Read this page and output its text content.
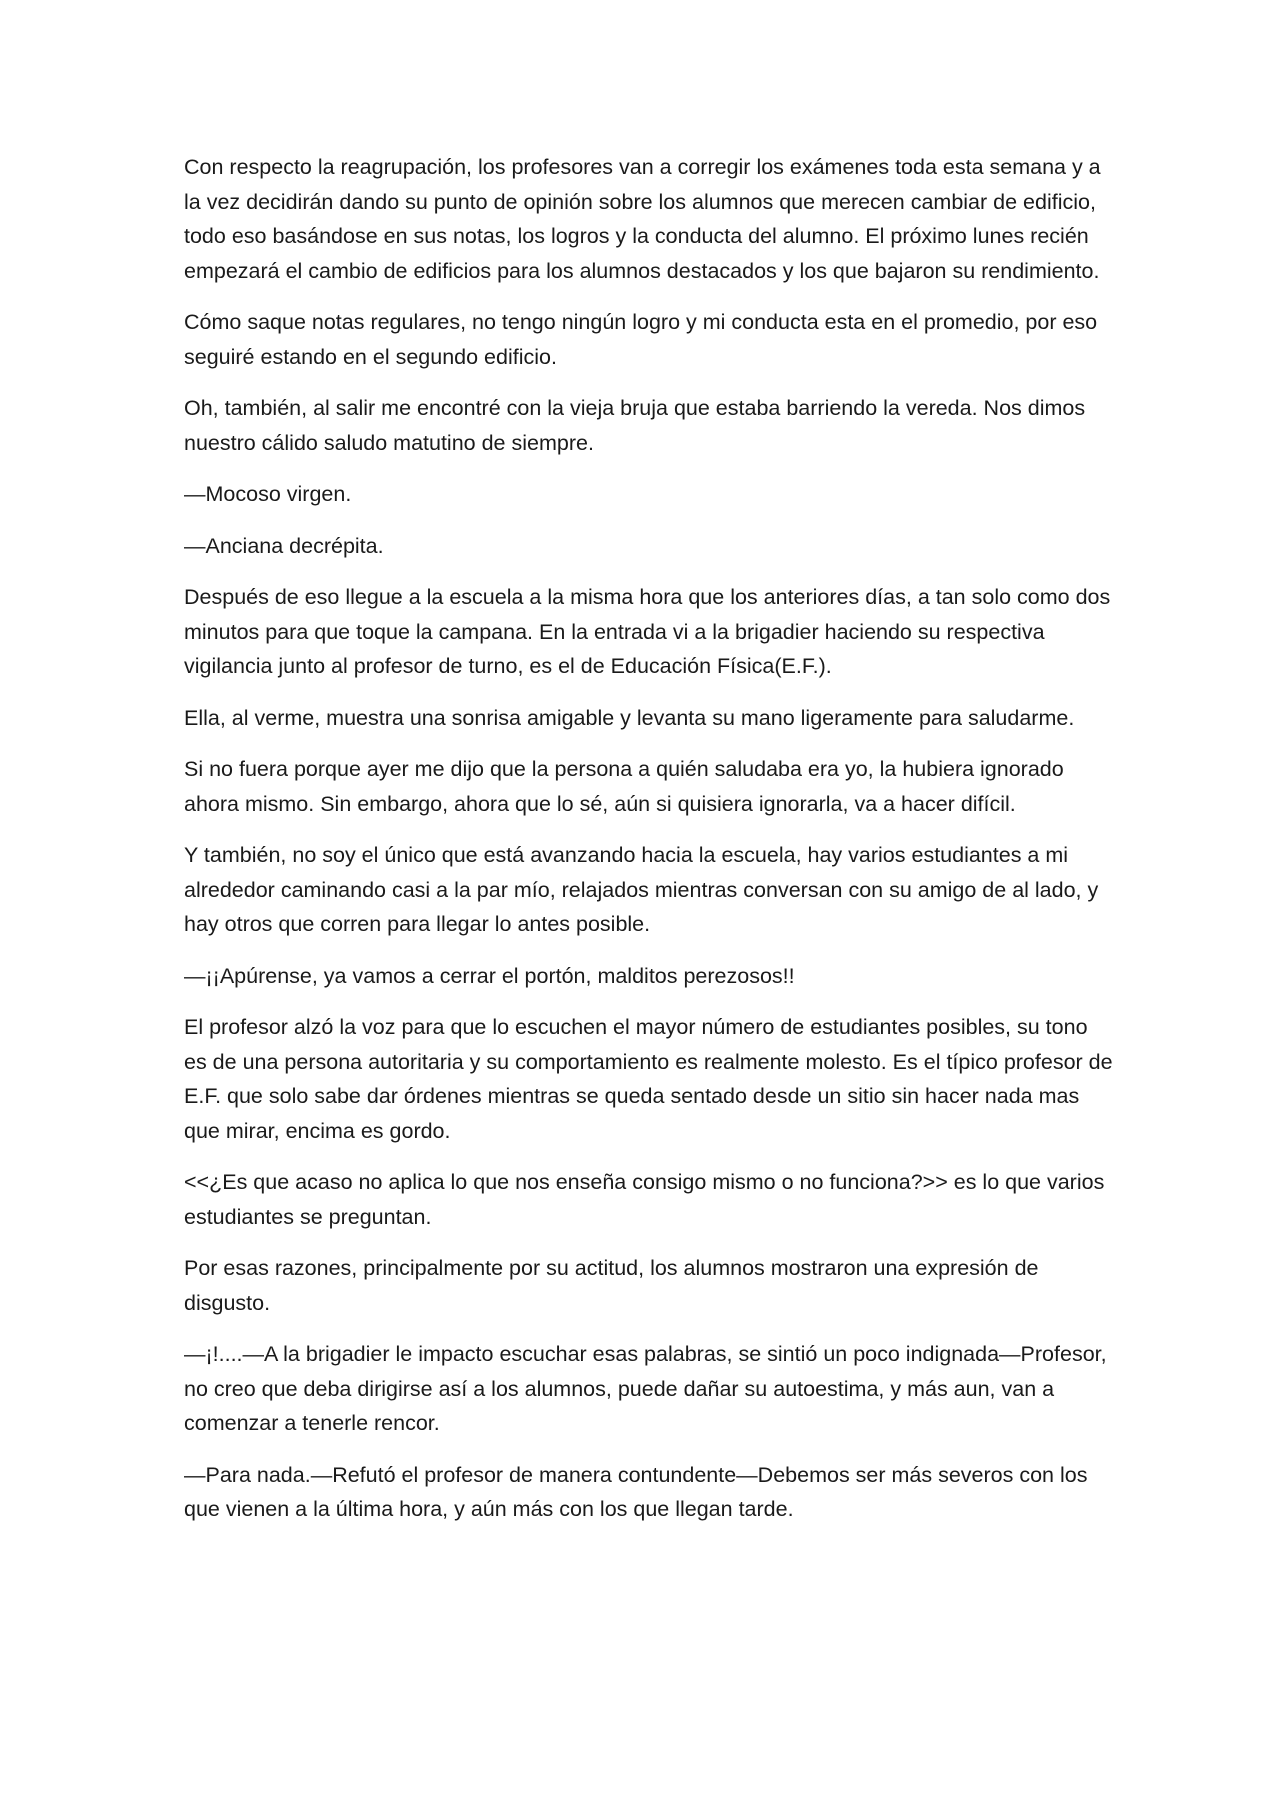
Con respecto la reagrupación, los profesores van a corregir los exámenes toda esta semana y a la vez decidirán dando su punto de opinión sobre los alumnos que merecen cambiar de edificio, todo eso basándose en sus notas, los logros y la conducta del alumno. El próximo lunes recién empezará el cambio de edificios para los alumnos destacados y los que bajaron su rendimiento.

Cómo saque notas regulares, no tengo ningún logro y mi conducta esta en el promedio, por eso seguiré estando en el segundo edificio.

Oh, también, al salir me encontré con la vieja bruja que estaba barriendo la vereda. Nos dimos nuestro cálido saludo matutino de siempre.

—Mocoso virgen.

—Anciana decrépita.

Después de eso llegue a la escuela a la misma hora que los anteriores días, a tan solo como dos minutos para que toque la campana. En la entrada vi a la brigadier haciendo su respectiva vigilancia junto al profesor de turno, es el de Educación Física(E.F.).

Ella, al verme, muestra una sonrisa amigable y levanta su mano ligeramente para saludarme.

Si no fuera porque ayer me dijo que la persona a quién saludaba era yo, la hubiera ignorado ahora mismo. Sin embargo, ahora que lo sé, aún si quisiera ignorarla, va a hacer difícil.

Y también, no soy el único que está avanzando hacia la escuela, hay varios estudiantes a mi alrededor caminando casi a la par mío, relajados mientras conversan con su amigo de al lado, y hay otros que corren para llegar lo antes posible.

—¡¡Apúrense, ya vamos a cerrar el portón, malditos perezosos!!

El profesor alzó la voz para que lo escuchen el mayor número de estudiantes posibles, su tono es de una persona autoritaria y su comportamiento es realmente molesto. Es el típico profesor de E.F. que solo sabe dar órdenes mientras se queda sentado desde un sitio sin hacer nada mas que mirar, encima es gordo.

<<¿Es que acaso no aplica lo que nos enseña consigo mismo o no funciona?>> es lo que varios estudiantes se preguntan.

Por esas razones, principalmente por su actitud, los alumnos mostraron una expresión de disgusto.

—¡!....—A la brigadier le impacto escuchar esas palabras, se sintió un poco indignada—Profesor, no creo que deba dirigirse así a los alumnos, puede dañar su autoestima, y más aun, van a comenzar a tenerle rencor.

—Para nada.—Refutó el profesor de manera contundente—Debemos ser más severos con los que vienen a la última hora, y aún más con los que llegan tarde.
